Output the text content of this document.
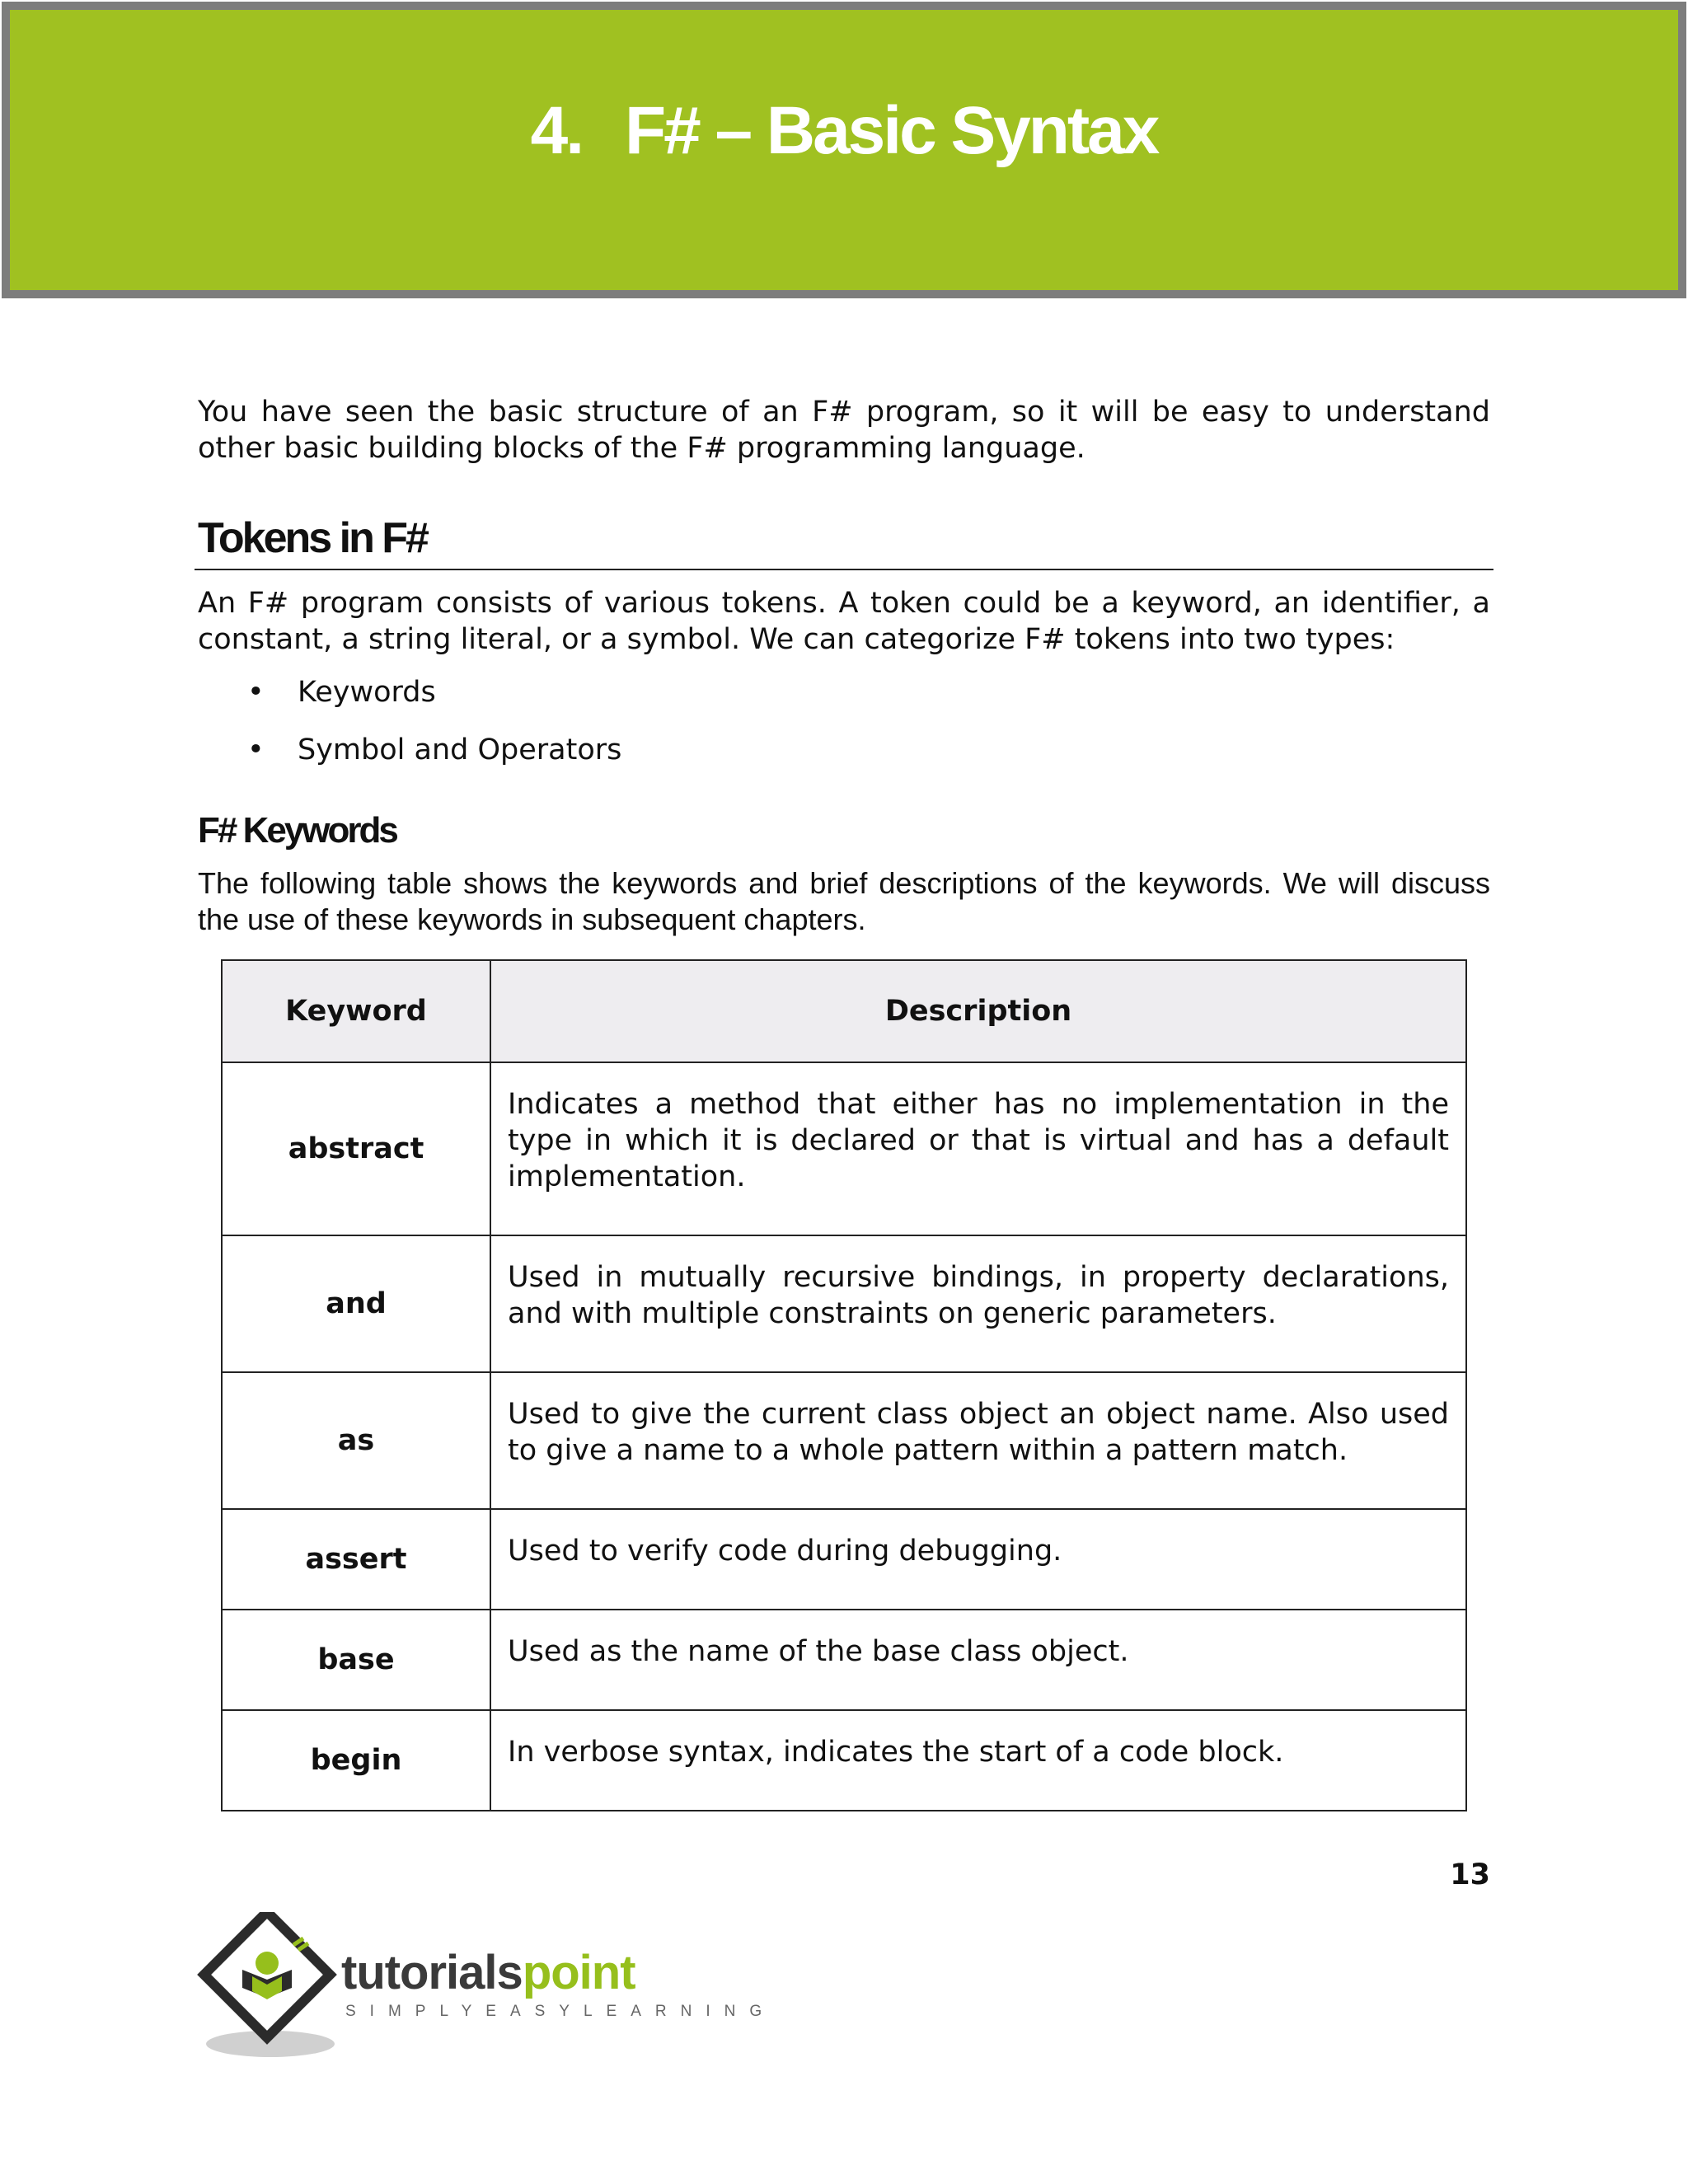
4. F# – Basic Syntax

You have seen the basic structure of an F# program, so it will be easy to understand other basic building blocks of the F# programming language.

Tokens in F#

An F# program consists of various tokens. A token could be a keyword, an identifier, a constant, a string literal, or a symbol. We can categorize F# tokens into two types:

•	Keywords
•	Symbol and Operators
F# Keywords

The following table shows the keywords and brief descriptions of the keywords. We will discuss the use of these keywords in subsequent chapters.

Keyword	Description
abstract	Indicates a method that either has no implementation in the type in which it is declared or that is virtual and has a default implementation.

and	Used in mutually recursive bindings, in property declarations, and with multiple constraints on generic parameters.

as	Used to give the current class object an object name. Also used to give a name to a whole pattern within a pattern match.

assert	Used to verify code during debugging.

base	Used as the name of the base class object.

begin	In verbose syntax, indicates the start of a code block.
13
tutorialspoint
SIMPLYEASYLEARNING
